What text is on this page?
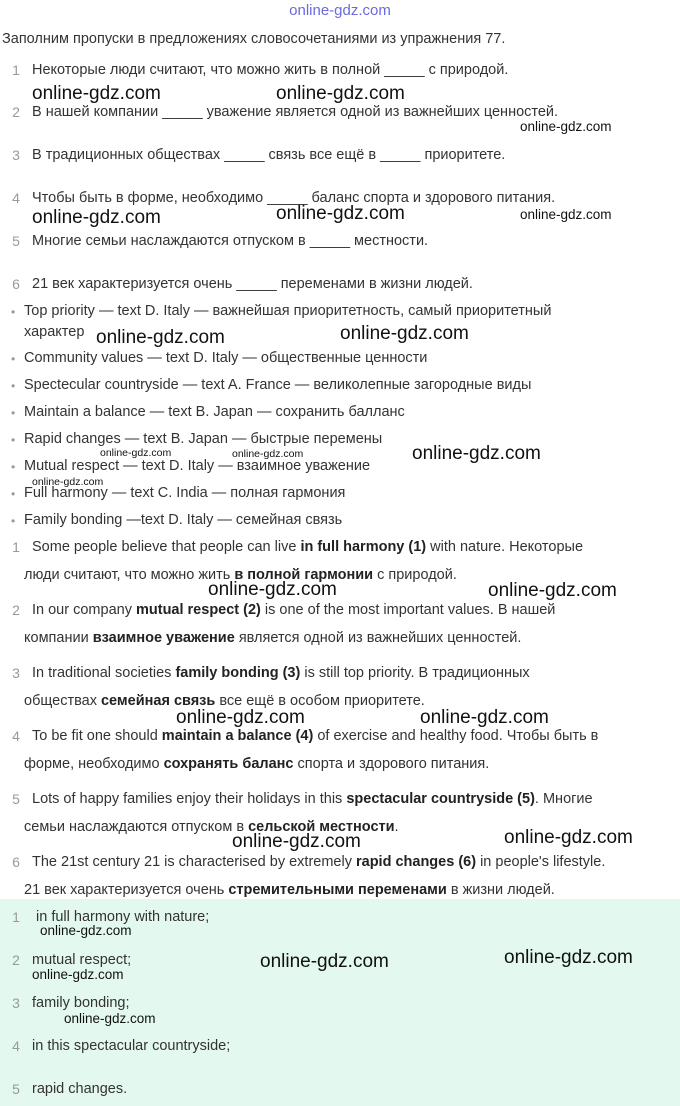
online-gdz.com
Заполним пропуски в предложениях словосочетаниями из упражнения 77.
1 Некоторые люди считают, что можно жить в полной _____ с природой.
2 В нашей компании _____ уважение является одной из важнейших ценностей.
3 В традиционных обществах _____ связь все ещё в _____ приоритете.
4 Чтобы быть в форме, необходимо _____ баланс спорта и здорового питания.
5 Многие семьи наслаждаются отпуском в _____ местности.
6 21 век характеризуется очень _____ переменами в жизни людей.
• Top priority — text D. Italy — важнейшая приоритетность, самый приоритетный
характер
• Community values — text D. Italy — общественные ценности
• Spectecular countryside — text A. France — великолепные загородные виды
• Maintain a balance — text B. Japan — сохранить балланс
• Rapid changes — text B. Japan — быстрые перемены
• Mutual respect — text D. Italy — взаимное уважение
• Full harmony — text C. India — полная гармония
• Family bonding —text D. Italy — семейная связь
1 Some people believe that people can live in full harmony (1) with nature. Некоторые
люди считают, что можно жить в полной гармонии с природой.
2 In our company mutual respect (2) is one of the most important values. В нашей
компании взаимное уважение является одной из важнейших ценностей.
3 In traditional societies family bonding (3) is still top priority. В традиционных
обществах семейная связь все ещё в особом приоритете.
4 To be fit one should maintain a balance (4) of exercise and healthy food. Чтобы быть в
форме, необходимо сохранять баланс спорта и здорового питания.
5 Lots of happy families enjoy their holidays in this spectacular countryside (5). Многие
семьи наслаждаются отпуском в сельской местности.
6 The 21st century 21 is characterised by extremely rapid changes (6) in people's lifestyle.
21 век характеризуется очень стремительными переменами в жизни людей.
1	in full harmony with nature;
2 mutual respect;
3 family bonding;
4 in this spectacular countryside;
5 rapid changes.
online-gdz.com	online-gdz.com
online-gdz.com
online-gdz.com	online-gdz.com	online-gdz.com
online-gdz.com	online-gdz.com
online-gdz.com
online-gdz.com
online-gdz.com
online-gdz.com
online-gdz.com	online-gdz.com
online-gdz.com	online-gdz.com
online-gdz.com
online-gdz.com
online-gdz.com
online-gdz.com
online-gdz.com	online-gdz.com
online-gdz.com
